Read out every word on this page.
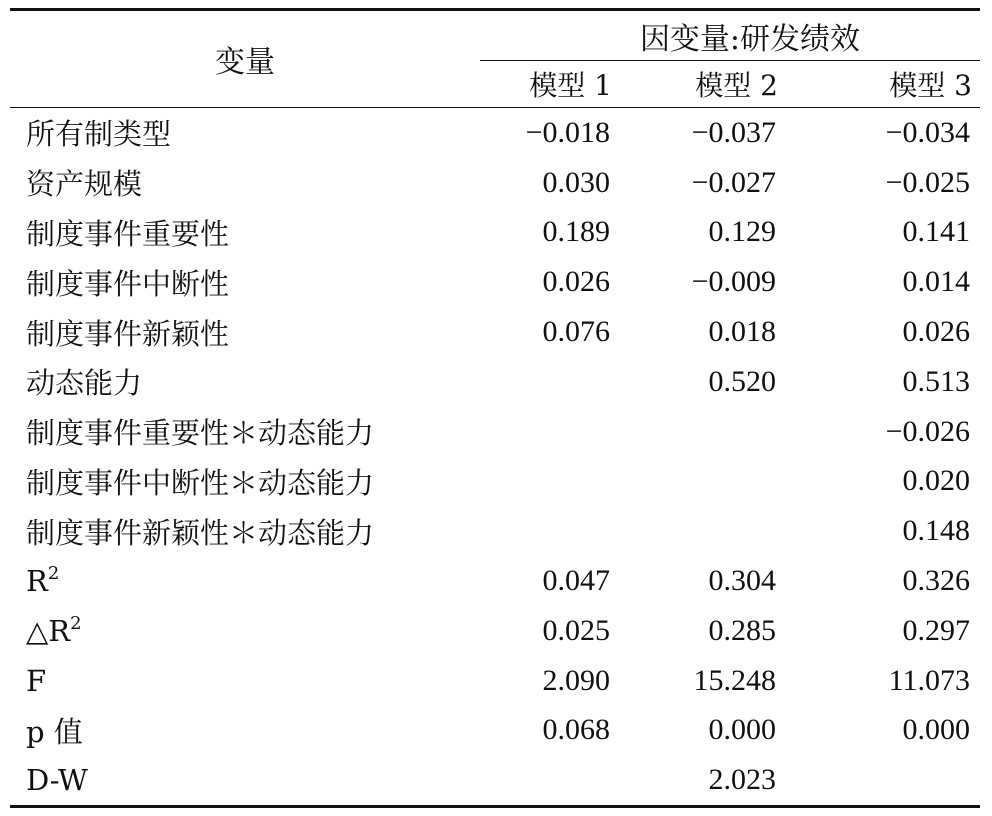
变量	因变量:研发绩效		

	模型 1	模型 2	模型 3
所有制类型	−0.018	−0.037	−0.034
资产规模	0.030	−0.027	−0.025
制度事件重要性	0.189	0.129	0.141
制度事件中断性	0.026	−0.009	0.014
制度事件新颖性	0.076	0.018	0.026
动态能力		0.520	0.513
制度事件重要性＊动态能力			−0.026
制度事件中断性＊动态能力			0.020
制度事件新颖性＊动态能力			0.148
$R^2$	0.047	0.304	0.326
$\triangle R^2$	0.025	0.285	0.297
F	2.090	15.248	11.073
p 值	0.068	0.000	0.000
D-W		2.023	
